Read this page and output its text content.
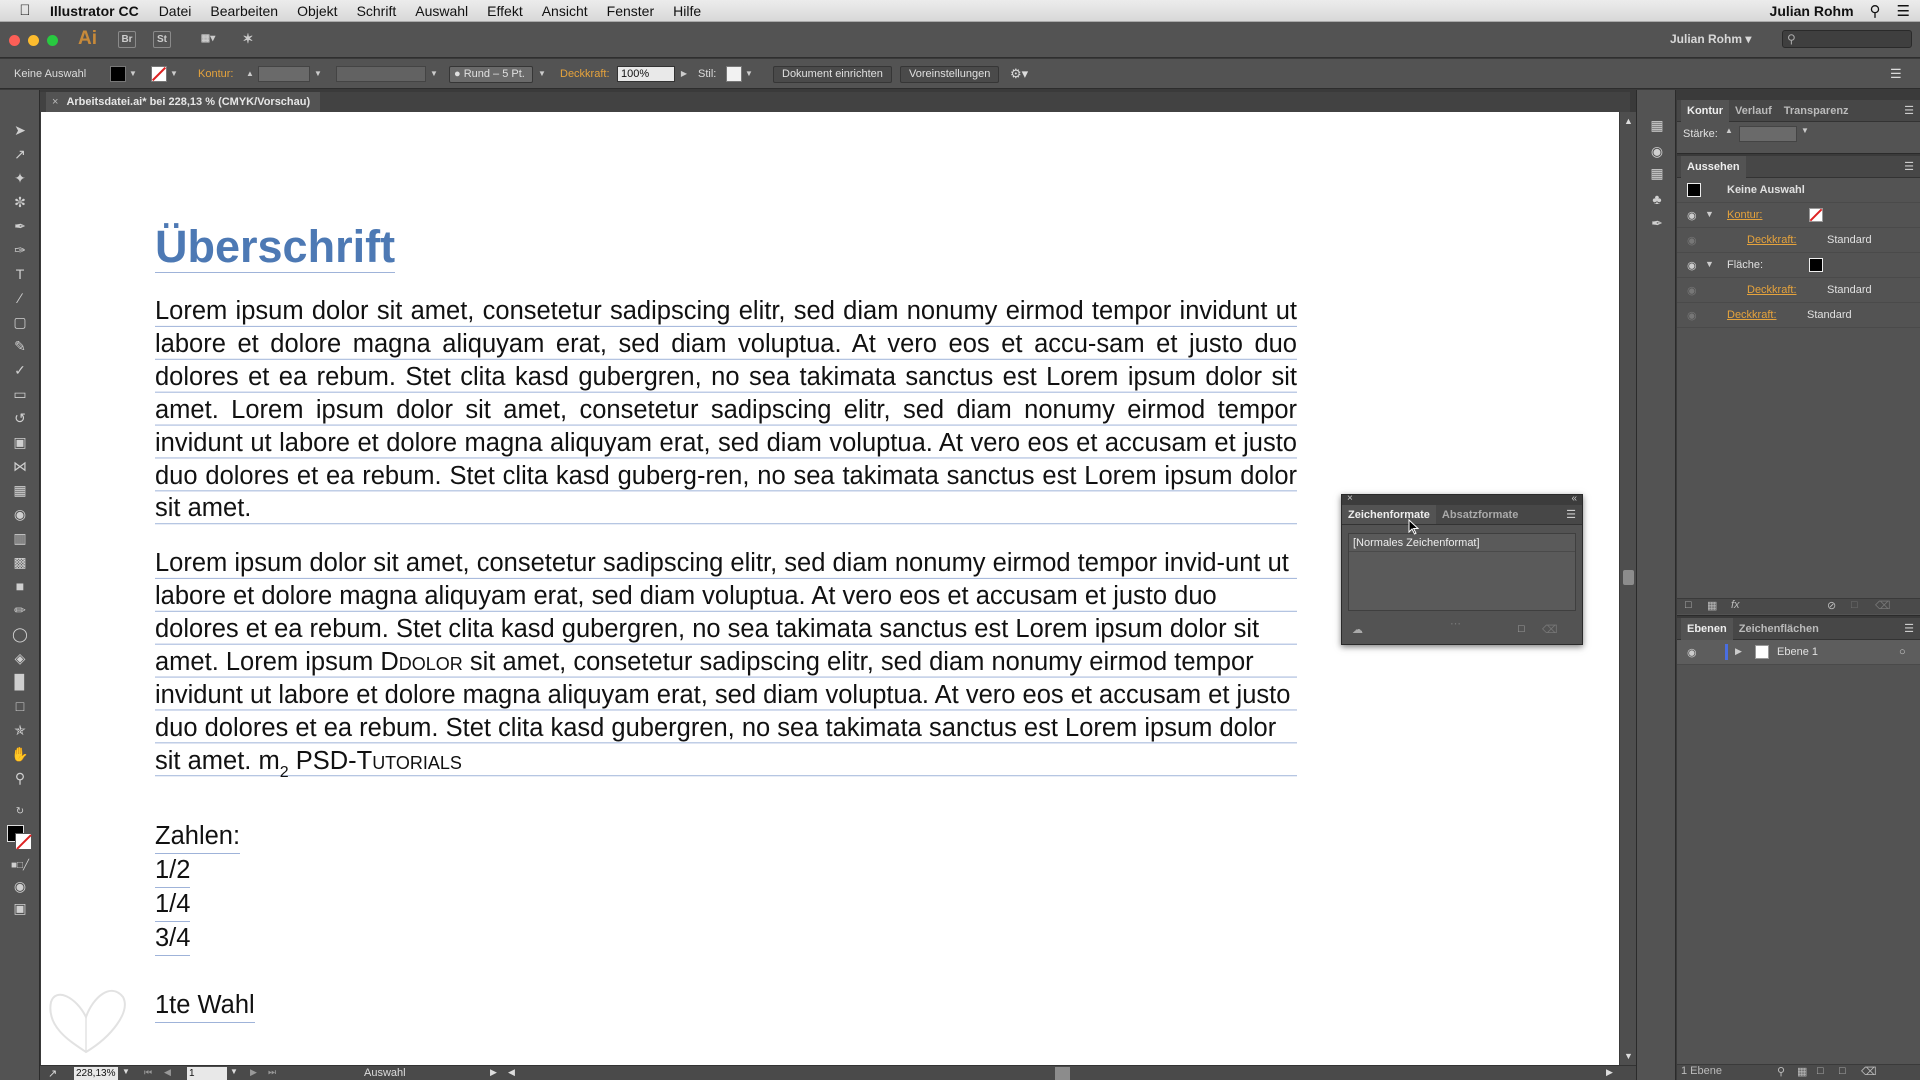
Illustrator CC Datei Bearbeiten Objekt Schrift Auswahl Effekt Ansicht Fenster Hilfe	Julian Rohm ⚲ ☰
Ai	Br	St	▦▾	✶	Julian Rohm ▾	⚲
Keine Auswahl	▼	▼ Kontur: ▲	▼	▼	● Rund – 5 Pt.	▼ Deckkraft:	100%	▶ Stil:	▼	Dokument einrichten	Voreinstellungen	⚙▾	☰
➤
↗
✦
✼
✒
✑
T
∕
▢
✎
✓
▭
↺
▣
⋈
▦
◉
▥
▩
■
✏
◯
◈
▉
□
✯
✋
⚲
↻
■□╱
◉
▣
× Arbeitsdatei.ai* bei 228,13 % (CMYK/Vorschau)
Überschrift

Lorem ipsum dolor sit amet, consetetur sadipscing elitr, sed diam nonumy eirmod tempor invidunt ut labore et dolore magna aliquyam erat, sed diam voluptua. At vero eos et accu-sam et justo duo dolores et ea rebum. Stet clita kasd gubergren, no sea takimata sanctus est Lorem ipsum dolor sit amet. Lorem ipsum dolor sit amet, consetetur sadipscing elitr, sed diam nonumy eirmod tempor invidunt ut labore et dolore magna aliquyam erat, sed diam voluptua. At vero eos et accusam et justo duo dolores et ea rebum. Stet clita kasd guberg-ren, no sea takimata sanctus est Lorem ipsum dolor sit amet.

Lorem ipsum dolor sit amet, consetetur sadipscing elitr, sed diam nonumy eirmod tempor invid-unt ut labore et dolore magna aliquyam erat, sed diam voluptua. At vero eos et accusam et justo duo dolores et ea rebum. Stet clita kasd gubergren, no sea takimata sanctus est Lorem ipsum dolor sit amet. Lorem ipsum Ddolor sit amet, consetetur sadipscing elitr, sed diam nonumy eirmod tempor invidunt ut labore et dolore magna aliquyam erat, sed diam voluptua. At vero eos et accusam et justo duo dolores et ea rebum. Stet clita kasd gubergren, no sea takimata sanctus est Lorem ipsum dolor sit amet. $m_2$ PSD-Tutorials

Zahlen:
1/2
1/4
3/4
1te Wahl
▲
▼
↗ 228,13% ▼ ⏮ ◀ 1	▼ ▶ ⏭	Auswahl	▶ ◀	▶
▦
◉
▦
♣
✒
Kontur	Verlauf	Transparenz	☰
Stärke: ▲	▼
Aussehen	☰
Keine Auswahl
◉ ▼ Kontur:
◉	Deckkraft:	Standard
◉ ▼ Fläche:
◉	Deckkraft:	Standard
◉	Deckkraft:	Standard
□ ▦ fx	⊘ □ ⌫
Ebenen	Zeichenflächen	☰
◉	▶	Ebene 1	○
1 Ebene	⚲ ▦ □ □ ⌫
×	«
Zeichenformate	Absatzformate	☰
[Normales Zeichenformat]
☁	⋯	□ ⌫
